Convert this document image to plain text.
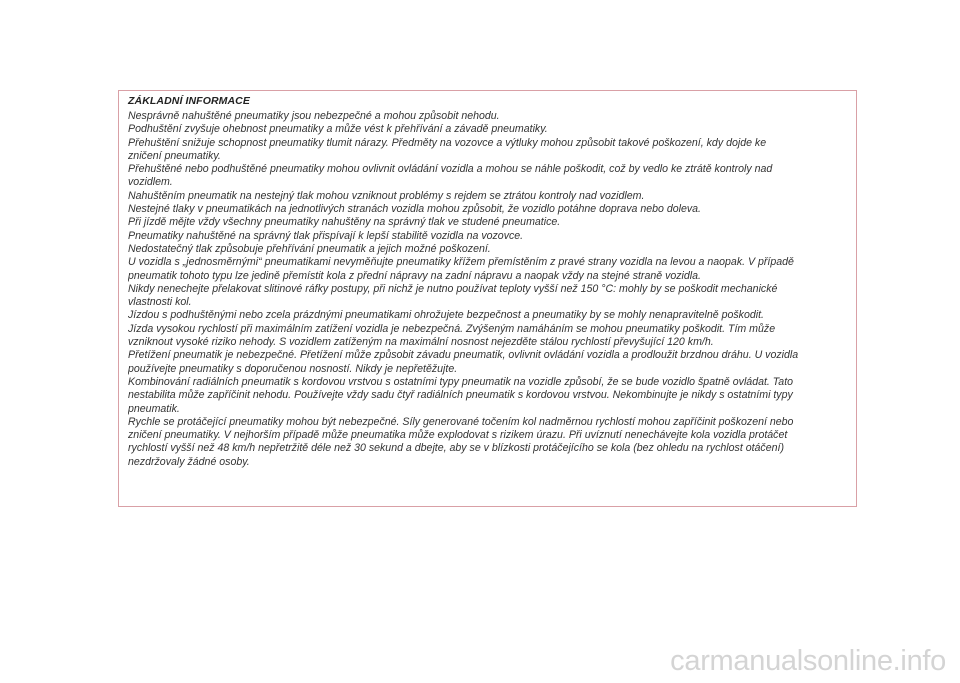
ZÁKLADNÍ INFORMACE
Nesprávně nahuštěné pneumatiky jsou nebezpečné a mohou způsobit nehodu.
Podhuštění zvyšuje ohebnost pneumatiky a může vést k přehřívání a závadě pneumatiky.
Přehuštění snižuje schopnost pneumatiky tlumit nárazy. Předměty na vozovce a výtluky mohou způsobit takové poškození, kdy dojde ke
zničení pneumatiky.
Přehuštěné nebo podhuštěné pneumatiky mohou ovlivnit ovládání vozidla a mohou se náhle poškodit, což by vedlo ke ztrátě kontroly nad
vozidlem.
Nahuštěním pneumatik na nestejný tlak mohou vzniknout problémy s rejdem se ztrátou kontroly nad vozidlem.
Nestejné tlaky v pneumatikách na jednotlivých stranách vozidla mohou způsobit, že vozidlo potáhne doprava nebo doleva.
Při jízdě mějte vždy všechny pneumatiky nahuštěny na správný tlak ve studené pneumatice.
Pneumatiky nahuštěné na správný tlak přispívají k lepší stabilitě vozidla na vozovce.
Nedostatečný tlak způsobuje přehřívání pneumatik a jejich možné poškození.
U vozidla s „jednosměrnými“ pneumatikami nevyměňujte pneumatiky křížem přemístěním z pravé strany vozidla na levou a naopak. V případě
pneumatik tohoto typu lze jedině přemístit kola z přední nápravy na zadní nápravu a naopak vždy na stejné straně vozidla.
Nikdy nenechejte přelakovat slitinové ráfky postupy, při nichž je nutno používat teploty vyšší než 150 °C: mohly by se poškodit mechanické
vlastnosti kol.
Jízdou s podhuštěnými nebo zcela prázdnými pneumatikami ohrožujete bezpečnost a pneumatiky by se mohly nenapravitelně poškodit.
Jízda vysokou rychlostí při maximálním zatížení vozidla je nebezpečná. Zvýšeným namáháním se mohou pneumatiky poškodit. Tím může
vzniknout vysoké riziko nehody. S vozidlem zatíženým na maximální nosnost nejezděte stálou rychlostí převyšující 120 km/h.
Přetížení pneumatik je nebezpečné. Přetížení může způsobit závadu pneumatik, ovlivnit ovládání vozidla a prodloužit brzdnou dráhu. U vozidla
používejte pneumatiky s doporučenou nosností. Nikdy je nepřetěžujte.
Kombinování radiálních pneumatik s kordovou vrstvou s ostatními typy pneumatik na vozidle způsobí, že se bude vozidlo špatně ovládat. Tato
nestabilita může zapříčinit nehodu. Používejte vždy sadu čtyř radiálních pneumatik s kordovou vrstvou. Nekombinujte je nikdy s ostatními typy
pneumatik.
Rychle se protáčející pneumatiky mohou být nebezpečné. Síly generované točením kol nadměrnou rychlostí mohou zapříčinit poškození nebo
zničení pneumatiky. V nejhorším případě může pneumatika může explodovat s rizikem úrazu. Při uvíznutí nenechávejte kola vozidla protáčet
rychlostí vyšší než 48 km/h nepřetržitě déle než 30 sekund a dbejte, aby se v blízkosti protáčejícího se kola (bez ohledu na rychlost otáčení)
nezdržovaly žádné osoby.
carmanualsonline.info
